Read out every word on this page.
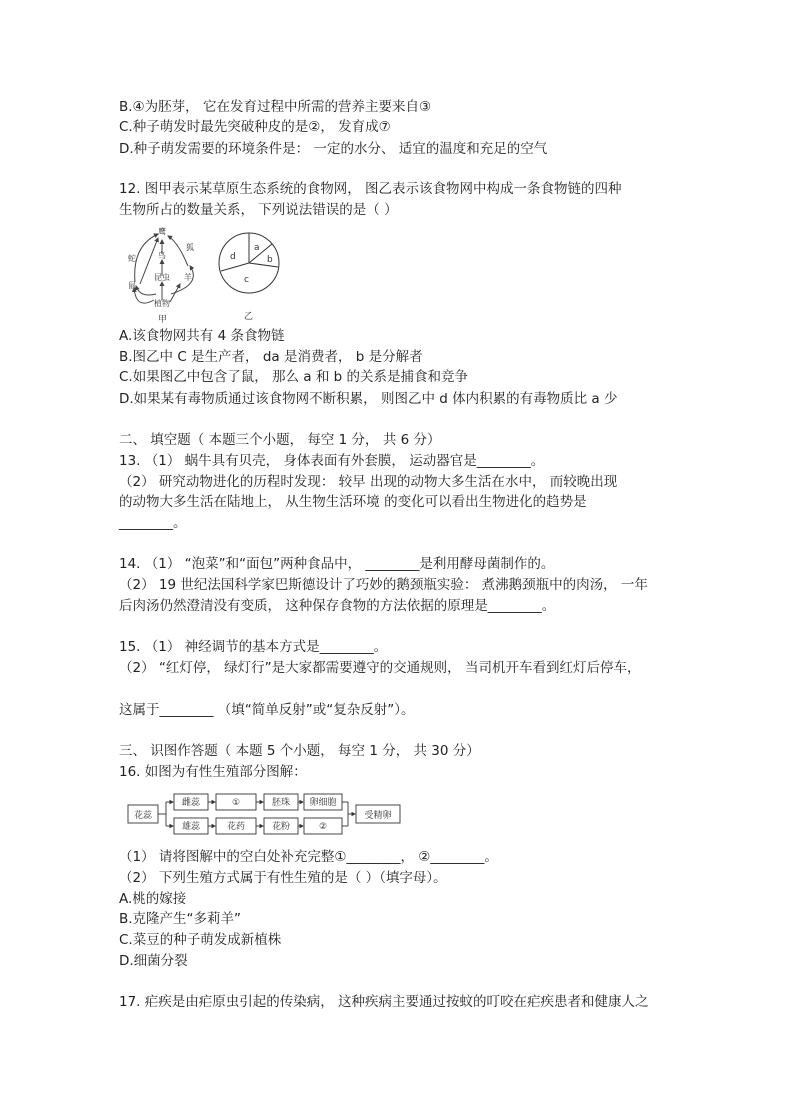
B.④为胚芽， 它在发育过程中所需的营养主要来自③
C.种子萌发时最先突破种皮的是②， 发育成⑦
D.种子萌发需要的环境条件是： 一定的水分、 适宜的温度和充足的空气
12. 图甲表示某草原生态系统的食物网， 图乙表示该食物网中构成一条食物链的四种
生物所占的数量关系， 下列说法错误的是（ ）
鹰
蛇
狐
鸟
昆虫 羊
鼠
植物
甲
a
b
c
d
乙
A.该食物网共有 4 条食物链
B.图乙中 C 是生产者， da 是消费者， b 是分解者
C.如果图乙中包含了鼠， 那么 a 和 b 的关系是捕食和竞争
D.如果某有毒物质通过该食物网不断积累， 则图乙中 d 体内积累的有毒物质比 a 少
二、 填空题（ 本题三个小题， 每空 1 分， 共 6 分）
13. （1） 蜗牛具有贝壳， 身体表面有外套膜， 运动器官是________。
（2） 研究动物进化的历程时发现： 较早 出现的动物大多生活在水中， 而较晚出现
的动物大多生活在陆地上， 从生物生活环境 的变化可以看出生物进化的趋势是
________。
14. （1） “泡菜”和“面包”两种食品中， ________是利用酵母菌制作的。
（2） 19 世纪法国科学家巴斯德设计了巧妙的鹅颈瓶实验： 煮沸鹅颈瓶中的肉汤， 一年
后肉汤仍然澄清没有变质， 这种保存食物的方法依据的原理是________。
15. （1） 神经调节的基本方式是________。
（2） “红灯停， 绿灯行”是大家都需要遵守的交通规则， 当司机开车看到红灯后停车，
这属于________ （填“简单反射”或“复杂反射”）。
三、 识图作答题（ 本题 5 个小题， 每空 1 分， 共 30 分）
16. 如图为有性生殖部分图解：
花蕊
雌蕊	①	胚珠 卵细胞
雄蕊	花药	花粉	②
受精卵
（1） 请将图解中的空白处补充完整①________， ②________。
（2） 下列生殖方式属于有性生殖的是（ ）（填字母）。
A.桃的嫁接
B.克隆产生“多莉羊”
C.菜豆的种子萌发成新植株
D.细菌分裂
17. 疟疾是由疟原虫引起的传染病， 这种疾病主要通过按蚊的叮咬在疟疾患者和健康人之
